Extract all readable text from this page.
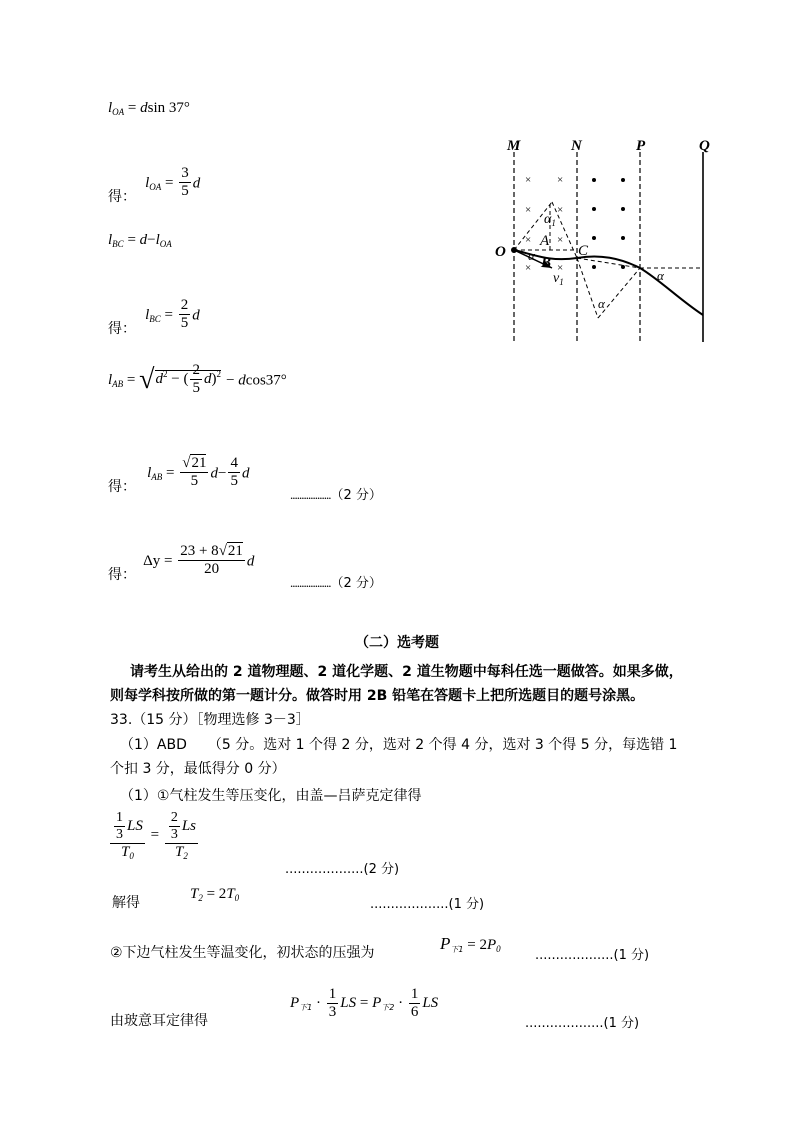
$l_{OA} = dsin$ 37°
得： $l_{OA} = \frac{3}{5}$ d
$l_{BC} = d-l_{OA}$
得： $l_{BC} = \frac{2}{5}$ d
$l_{AB} = √d^2$ − ( $\frac{2}{5} d)^2 - dcos37^\circ$
得： $l_{AB} = \frac{√21}{5} d- \frac{4}{5}$ d
..................（2 分）
得： $\Delta y = \frac{23 + 8√21}{20}$ d
..................（2 分）
（二）选考题
请考生从给出的 2 道物理题、2 道化学题、2 道生物题中每科任选一题做答。如果多做，
则每学科按所做的第一题计分。做答时用 2B 铅笔在答题卡上把所选题目的题号涂黑。
33.（15 分）［物理选修 3－3］
（1）ABD　　（5 分。选对 1 个得 2 分，选对 2 个得 4 分，选对 3 个得 5 分，每选错 1
个扣 3 分，最低得分 0 分）
（1）①气柱发生等压变化，由盖—吕萨克定律得
$\frac{\frac{1}{3} LS}{T_0} = \frac{\frac{2}{3} Ls}{T_2}$
...................(2 分)
解得
$T_2 = 2T_0$	...................(1 分)
②下边气柱发生等温变化，初状态的压强为	$P_{下1} = 2P_0$	...................(1 分)
由玻意耳定律得
$P_{下1} \cdot \frac{1}{3}$ LS = $P_{下2} \cdot \frac{1}{6}$ LS
...................(1 分)
M	N	P	Q
× ×
× ×
× ×
× ×
O
A
B
C
$v_1$
$\alpha_1$
α
α
α
